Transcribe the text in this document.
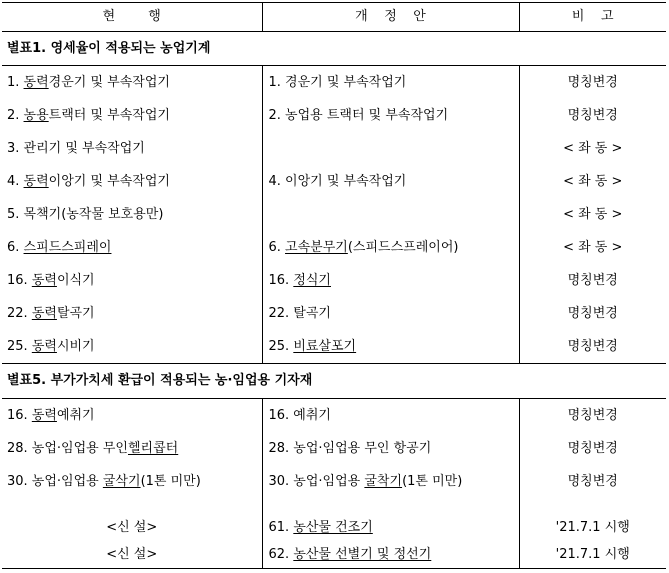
현        행	개    정    안	비    고
별표1. 영세율이 적용되는 농업기계		
1. 동력경운기 및 부속작업기	1. 경운기 및 부속작업기	명칭변경
2. 농용트랙터 및 부속작업기	2. 농업용 트랙터 및 부속작업기	명칭변경
3. 관리기 및 부속작업기		< 좌 동 >
4. 동력이앙기 및 부속작업기	4. 이앙기 및 부속작업기	< 좌 동 >
5. 목책기(농작물 보호용만)		< 좌 동 >
6. 스피드스피레이	6. 고속분무기(스피드스프레이어)	< 좌 동 >
16. 동력이식기	16. 정식기	명칭변경
22. 동력탈곡기	22. 탈곡기	명칭변경
25. 동력시비기	25. 비료살포기	명칭변경
별표5. 부가가치세 환급이 적용되는 농·임업용 기자재		
16. 동력예취기	16. 예취기	명칭변경
28. 농업·임업용 무인헬리콥터	28. 농업·임업용 무인 항공기	명칭변경
30. 농업·임업용 굴삭기(1톤 미만)	30. 농업·임업용 굴착기(1톤 미만)	명칭변경

<신 설>	61. 농산물 건조기	'21.7.1 시행
<신 설>	62. 농산물 선별기 및 정선기	'21.7.1 시행
